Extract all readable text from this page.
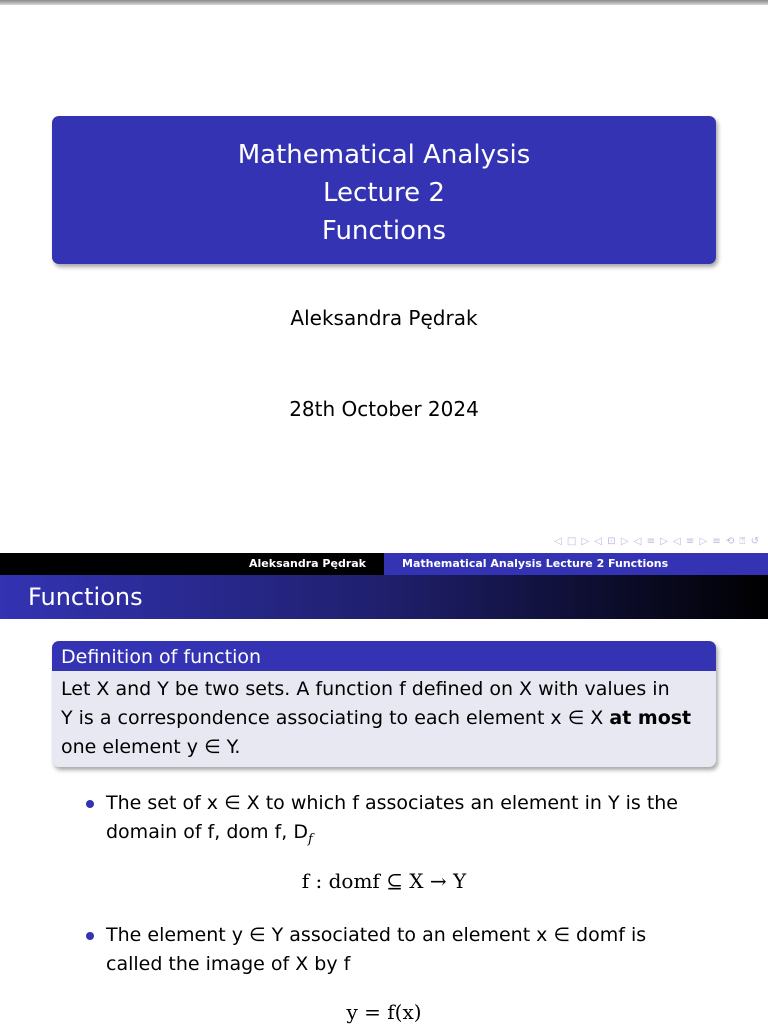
Mathematical Analysis
Lecture 2
Functions
Aleksandra Pędrak
28th October 2024
◁ □ ▷ ◁ ⊡ ▷ ◁ ≡ ▷ ◁ ≡ ▷ ≡ ⟲ ⍰ ↺
Aleksandra Pędrak	Mathematical Analysis Lecture 2 Functions
Functions
Definition of function
Let X and Y be two sets. A function f defined on X with values in
Y is a correspondence associating to each element x ∈ X at most
one element y ∈ Y.
The set of x ∈ X to which f associates an element in Y is the
domain of f, dom f, $D_f$
f : domf ⊆ X → Y
The element y ∈ Y associated to an element x ∈ domf is
called the image of X by f
y = f(x)
